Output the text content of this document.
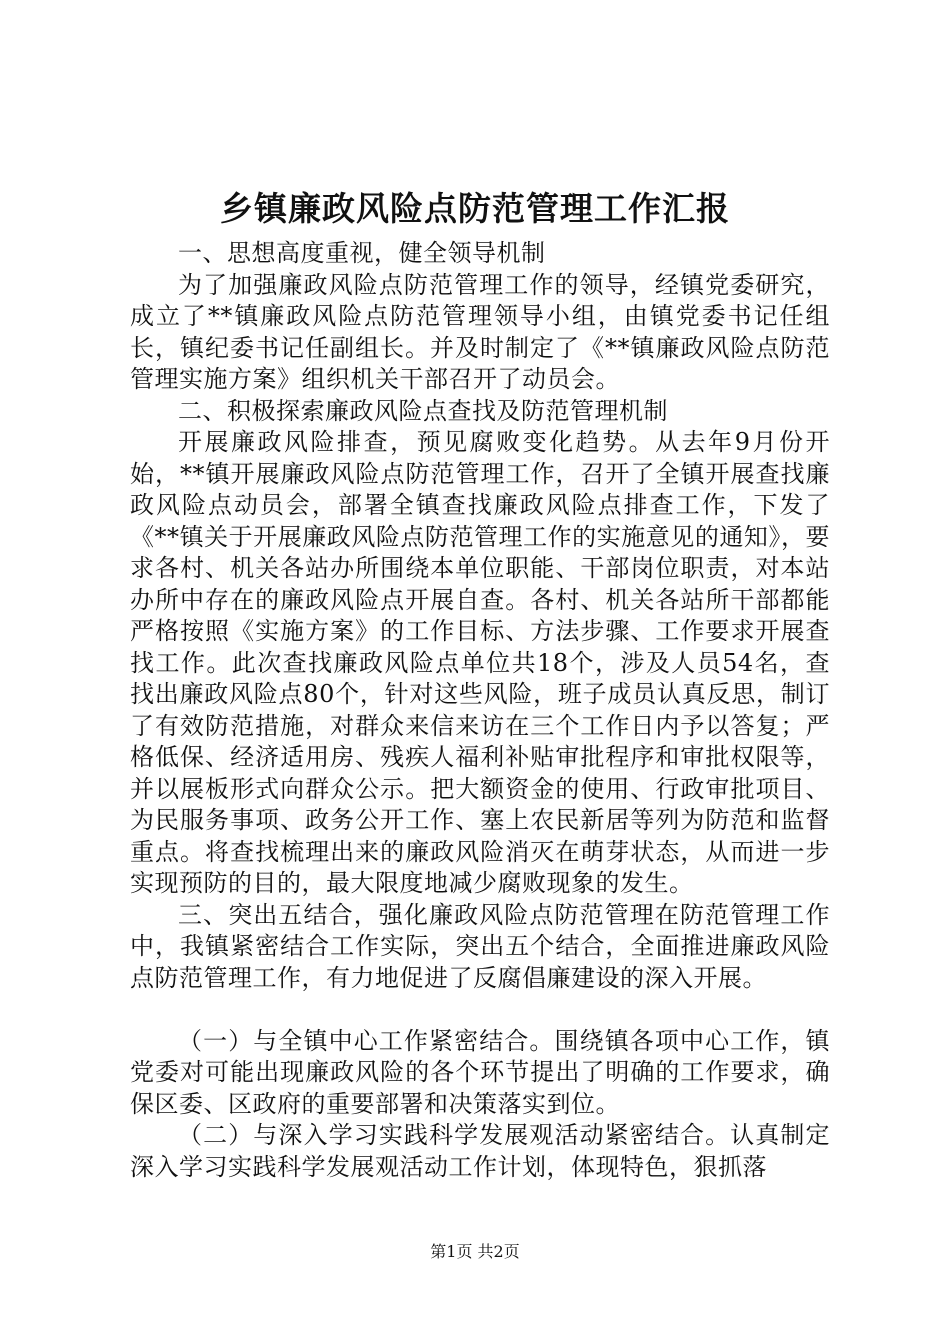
乡镇廉政风险点防范管理工作汇报

一、思想高度重视，健全领导机制

为了加强廉政风险点防范管理工作的领导，经镇党委研究，成立了**镇廉政风险点防范管理领导小组，由镇党委书记任组长，镇纪委书记任副组长。并及时制定了《**镇廉政风险点防范管理实施方案》组织机关干部召开了动员会。

二、积极探索廉政风险点查找及防范管理机制

开展廉政风险排查，预见腐败变化趋势。从去年9月份开始，**镇开展廉政风险点防范管理工作，召开了全镇开展查找廉政风险点动员会，部署全镇查找廉政风险点排查工作，下发了《**镇关于开展廉政风险点防范管理工作的实施意见的通知》，要求各村、机关各站办所围绕本单位职能、干部岗位职责，对本站办所中存在的廉政风险点开展自查。各村、机关各站所干部都能严格按照《实施方案》的工作目标、方法步骤、工作要求开展查找工作。此次查找廉政风险点单位共18个，涉及人员54名，查找出廉政风险点80个，针对这些风险，班子成员认真反思，制订了有效防范措施，对群众来信来访在三个工作日内予以答复；严格低保、经济适用房、残疾人福利补贴审批程序和审批权限等，并以展板形式向群众公示。把大额资金的使用、行政审批项目、为民服务事项、政务公开工作、塞上农民新居等列为防范和监督重点。将查找梳理出来的廉政风险消灭在萌芽状态，从而进一步实现预防的目的，最大限度地减少腐败现象的发生。

三、突出五结合，强化廉政风险点防范管理在防范管理工作中，我镇紧密结合工作实际，突出五个结合，全面推进廉政风险点防范管理工作，有力地促进了反腐倡廉建设的深入开展。

（一）与全镇中心工作紧密结合。围绕镇各项中心工作，镇党委对可能出现廉政风险的各个环节提出了明确的工作要求，确保区委、区政府的重要部署和决策落实到位。

（二）与深入学习实践科学发展观活动紧密结合。认真制定深入学习实践科学发展观活动工作计划，体现特色，狠抓落

第1页 共2页
